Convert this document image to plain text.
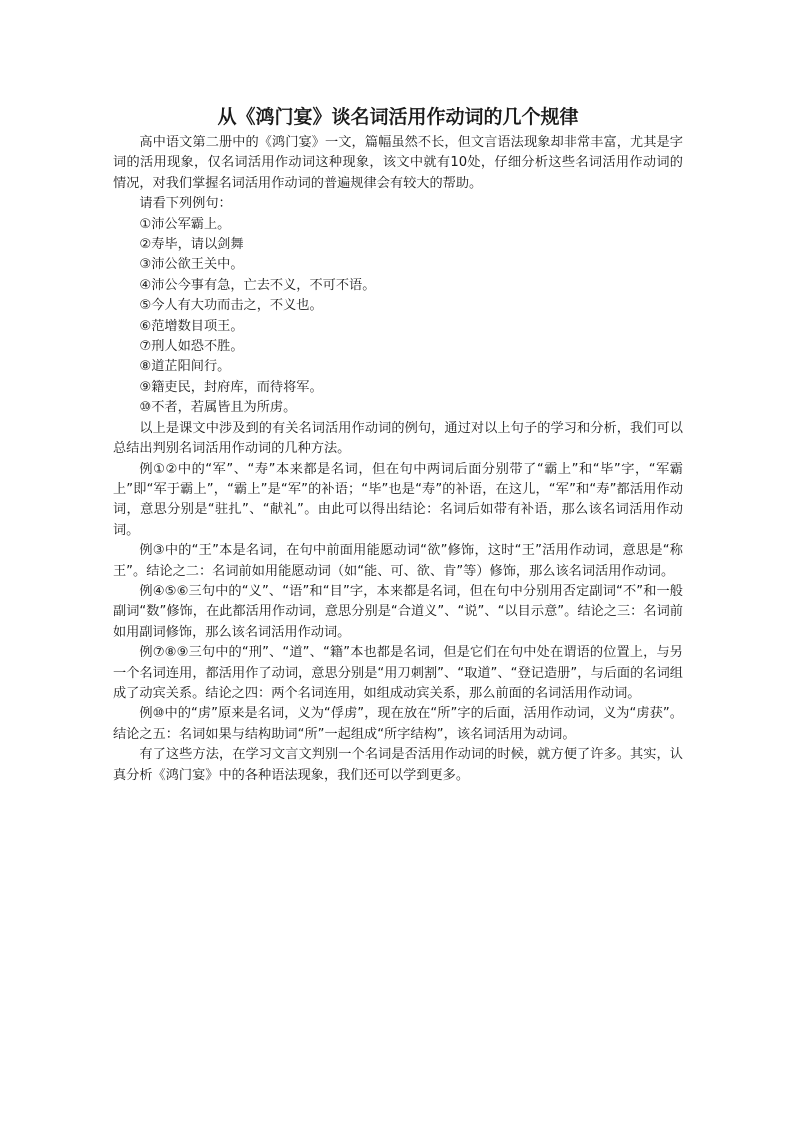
从《鸿门宴》谈名词活用作动词的几个规律

高中语文第二册中的《鸿门宴》一文，篇幅虽然不长，但文言语法现象却非常丰富，尤其是字词的活用现象，仅名词活用作动词这种现象，该文中就有10处，仔细分析这些名词活用作动词的情况，对我们掌握名词活用作动词的普遍规律会有较大的帮助。

请看下列例句：

①沛公军霸上。

②寿毕，请以剑舞

③沛公欲王关中。

④沛公今事有急，亡去不义，不可不语。

⑤今人有大功而击之，不义也。

⑥范增数目项王。

⑦刑人如恐不胜。

⑧道芷阳间行。

⑨籍吏民，封府库，而待将军。

⑩不者，若属皆且为所虏。

以上是课文中涉及到的有关名词活用作动词的例句，通过对以上句子的学习和分析，我们可以总结出判别名词活用作动词的几种方法。

例①②中的“军”、“寿”本来都是名词，但在句中两词后面分别带了“霸上”和“毕”字，“军霸上”即“军于霸上”，“霸上”是“军”的补语；“毕”也是“寿”的补语，在这儿，“军”和“寿”都活用作动词，意思分别是“驻扎”、“献礼”。由此可以得出结论：名词后如带有补语，那么该名词活用作动词。

例③中的“王”本是名词，在句中前面用能愿动词“欲”修饰，这时“王”活用作动词，意思是“称王”。结论之二：名词前如用能愿动词（如“能、可、欲、肯”等）修饰，那么该名词活用作动词。

例④⑤⑥三句中的“义”、“语”和“目”字，本来都是名词，但在句中分别用否定副词“不”和一般副词“数”修饰，在此都活用作动词，意思分别是“合道义”、“说”、“以目示意”。结论之三：名词前如用副词修饰，那么该名词活用作动词。

例⑦⑧⑨三句中的“刑”、“道”、“籍”本也都是名词，但是它们在句中处在谓语的位置上，与另一个名词连用，都活用作了动词，意思分别是“用刀刺割”、“取道”、“登记造册”，与后面的名词组成了动宾关系。结论之四：两个名词连用，如组成动宾关系，那么前面的名词活用作动词。

例⑩中的“虏”原来是名词，义为“俘虏”，现在放在“所”字的后面，活用作动词，义为“虏获”。结论之五：名词如果与结构助词“所”一起组成“所字结构”，该名词活用为动词。

有了这些方法，在学习文言文判别一个名词是否活用作动词的时候，就方便了许多。其实，认真分析《鸿门宴》中的各种语法现象，我们还可以学到更多。
